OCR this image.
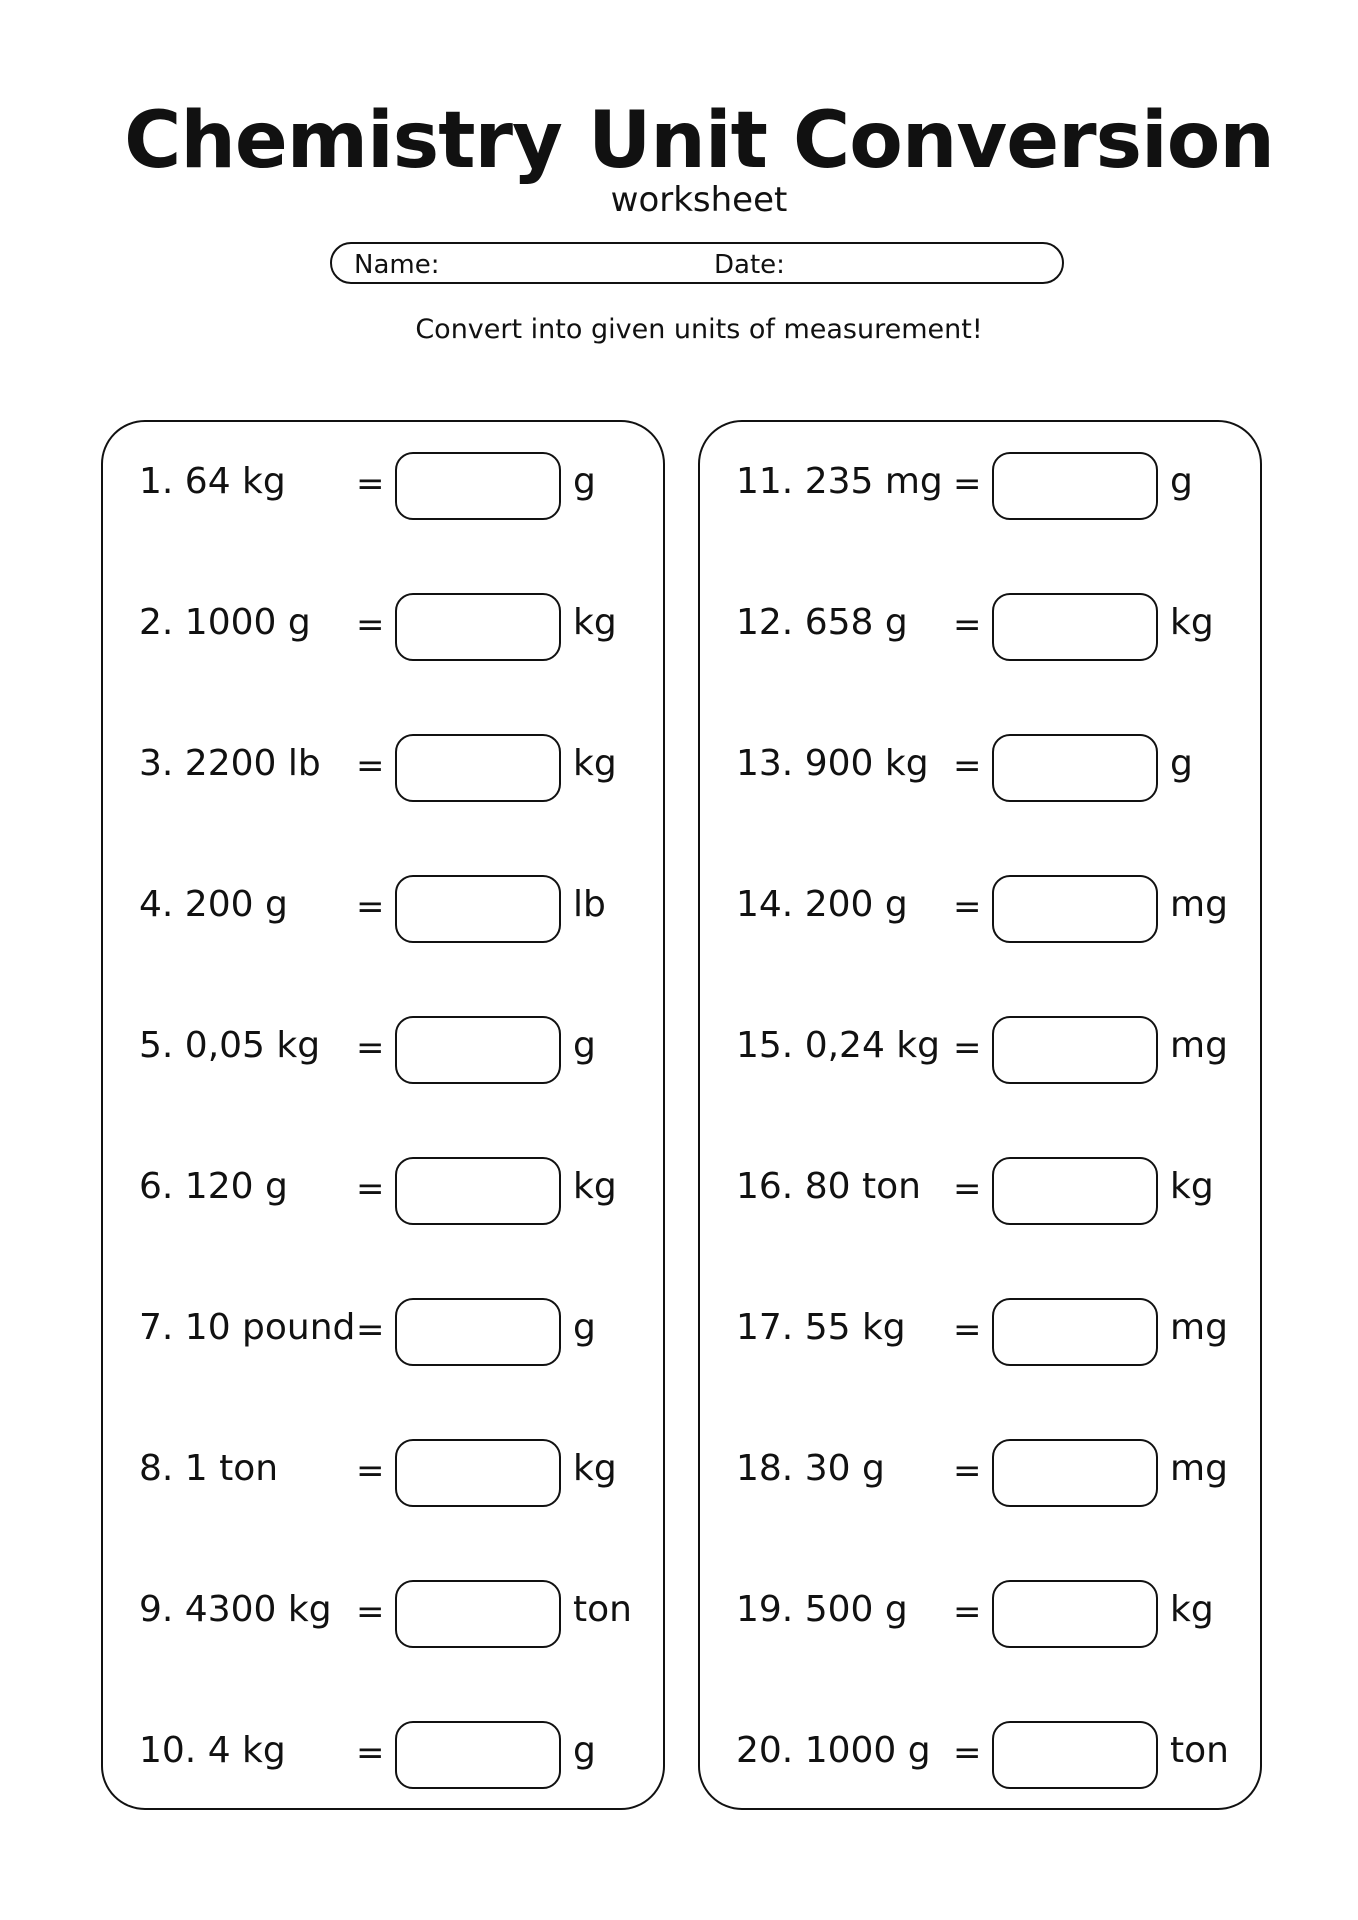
Chemistry Unit Conversion
worksheet
Name:	Date:
Convert into given units of measurement!
1. 64 kg =	g
2. 1000 g =	kg
3. 2200 lb =	kg
4. 200 g =	lb
5. 0,05 kg =	g
6. 120 g =	kg
7. 10 pound =	g
8. 1 ton =	kg
9. 4300 kg =	ton
10. 4 kg =	g
11. 235 mg =	g
12. 658 g =	kg
13. 900 kg =	g
14. 200 g =	mg
15. 0,24 kg =	mg
16. 80 ton =	kg
17. 55 kg =	mg
18. 30 g =	mg
19. 500 g =	kg
20. 1000 g =	ton
